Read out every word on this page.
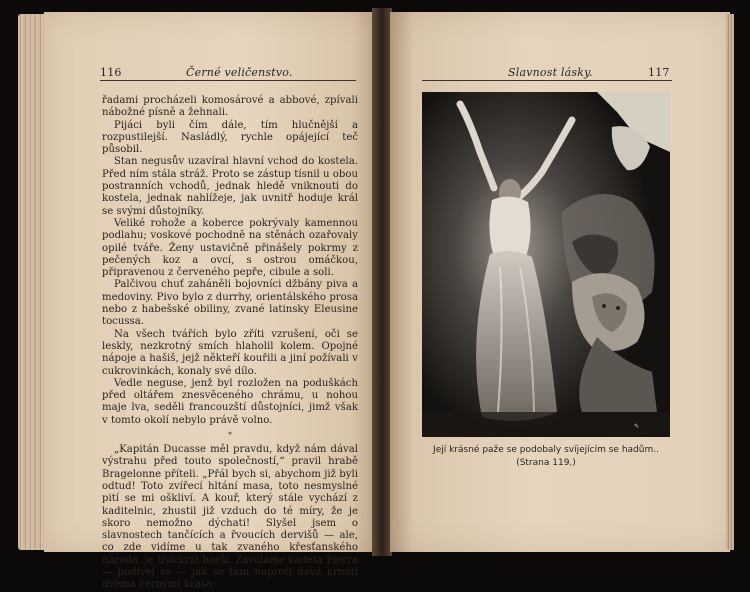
116	Černé veličenstvo.

řadami procházeli komosárové a abbové, zpívali nábožné písně a žehnali.

Pijáci byli čím dále, tím hlučnější a rozpustilejší. Nasládlý, rychle opájející teč působil.

Stan negusův uzavíral hlavní vchod do kostela. Před ním stála stráž. Proto se zástup tísnil u obou postranních vchodů, jednak hledě vniknouti do kostela, jednak nahlížeje, jak uvnitř hoduje král se svými důstojníky.

Veliké rohože a koberce pokrývaly kamennou podlahu; voskové pochodně na stěnách ozařovaly opilé tváře. Ženy ustavičně přinášely pokrmy z pečených koz a ovcí, s ostrou omáčkou, připravenou z červeného pepře, cibule a soli.

Palčivou chuť zaháněli bojovníci džbány piva a medoviny. Pivo bylo z durrhy, orientálského prosa nebo z habešské obiliny, zvané latinsky Eleusine tocussa.

Na všech tvářích bylo zříti vzrušení, oči se leskly, nezkrotný smích hlaholil kolem. Opojné nápoje a hašiš, jejž někteří kouřili a jiní požívali v cukrovinkách, konaly své dílo.

Vedle neguse, jenž byl rozložen na poduškách před oltářem znesvěceného chrámu, u nohou maje lva, seděli francouzští důstojníci, jimž však v tomto okolí nebylo právě volno.

*

„Kapitán Ducasse měl pravdu, když nám dával výstrahu před touto společností,“ pravil hrabě Bragelonne příteli. „Přál bych si, abychom již byli odtud! Toto zvířecí hltání masa, toto nesmyslné pití se mi oškliví. A kouř, který stále vychází z kaditelnic, zhustil již vzduch do té míry, že je skoro nemožno dýchati! Slyšel jsem o slavnostech tančících a řvoucích dervišů — ale, co zde vidíme u tak zvaného křesťanského národa, je tisíckrát horší. Zavoláme kadeta Pierra — podívej se — jak se tam naproti dává krmiti dvěma černými krasa-

Slavnost lásky.	117
✎
Její krásné paže se podobaly svíjejícím se hadům..
(Strana 119.)
